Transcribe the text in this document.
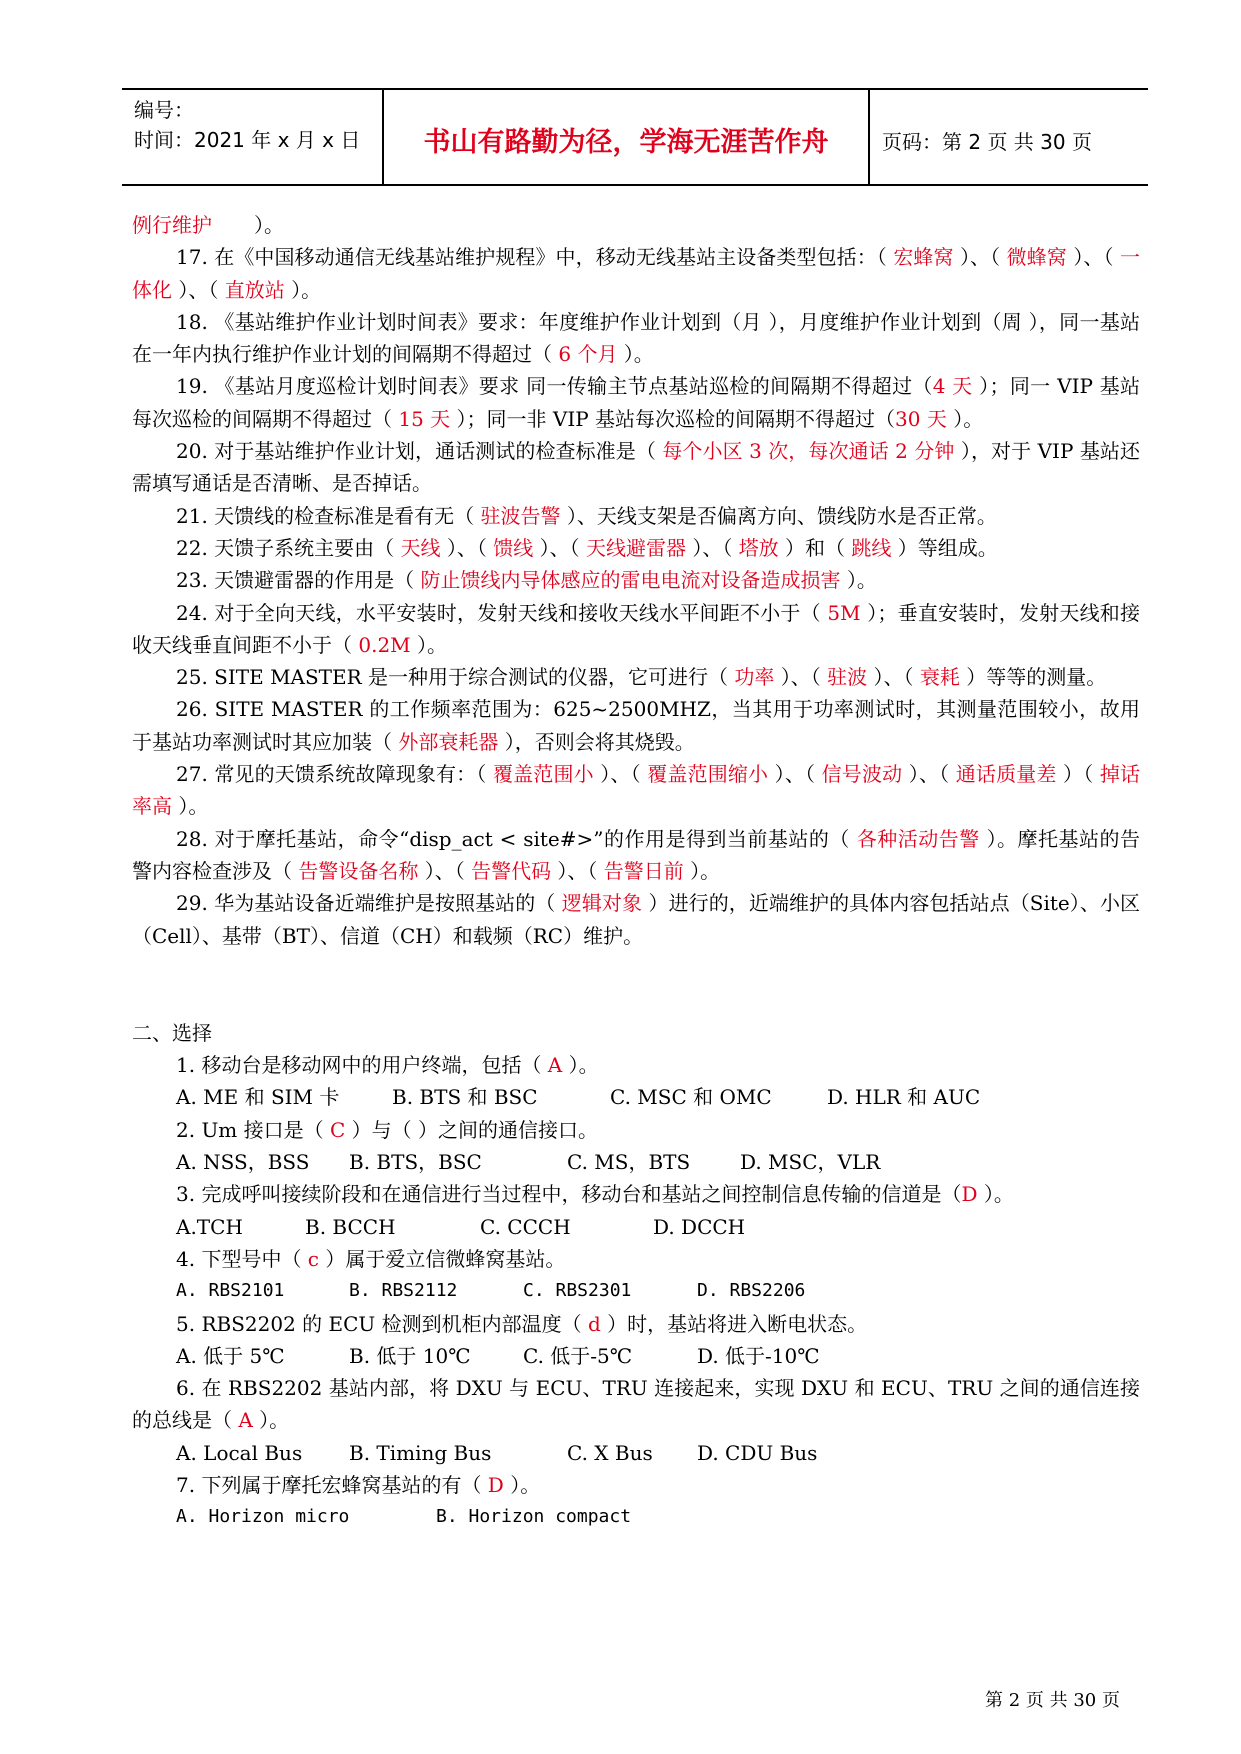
编号：
时间：2021 年 x 月 x 日	书山有路勤为径，学海无涯苦作舟	页码：第 2 页 共 30 页
例行维护 ）。
17. 在《中国移动通信无线基站维护规程》中，移动无线基站主设备类型包括：（ 宏蜂窝 ）、（ 微蜂窝 ）、（ 一体化 ）、（ 直放站 ）。
18. 《基站维护作业计划时间表》要求：年度维护作业计划到（月 ），月度维护作业计划到（周 ），同一基站在一年内执行维护作业计划的间隔期不得超过（ 6 个月 ）。
19. 《基站月度巡检计划时间表》要求 同一传输主节点基站巡检的间隔期不得超过（4 天 ）；同一 VIP 基站每次巡检的间隔期不得超过（ 15 天 ）；同一非 VIP 基站每次巡检的间隔期不得超过（30 天 ）。
20. 对于基站维护作业计划，通话测试的检查标准是（ 每个小区 3 次，每次通话 2 分钟 ），对于 VIP 基站还需填写通话是否清晰、是否掉话。
21. 天馈线的检查标准是看有无（ 驻波告警 ）、天线支架是否偏离方向、馈线防水是否正常。
22. 天馈子系统主要由（ 天线 ）、（ 馈线 ）、（ 天线避雷器 ）、（ 塔放 ）和（ 跳线 ）等组成。
23. 天馈避雷器的作用是（ 防止馈线内导体感应的雷电电流对设备造成损害 ）。
24. 对于全向天线，水平安装时，发射天线和接收天线水平间距不小于（ 5M ）；垂直安装时，发射天线和接收天线垂直间距不小于（ 0.2M ）。
25. SITE MASTER 是一种用于综合测试的仪器，它可进行（ 功率 ）、（ 驻波 ）、（ 衰耗 ）等等的测量。
26. SITE MASTER 的工作频率范围为：625~2500MHZ，当其用于功率测试时，其测量范围较小，故用于基站功率测试时其应加装（ 外部衰耗器 ），否则会将其烧毁。
27. 常见的天馈系统故障现象有：（ 覆盖范围小 ）、（ 覆盖范围缩小 ）、（ 信号波动 ）、（ 通话质量差 ）（ 掉话率高 ）。
28. 对于摩托基站，命令“disp_act < site#>”的作用是得到当前基站的（ 各种活动告警 ）。摩托基站的告警内容检查涉及（ 告警设备名称 ）、（ 告警代码 ）、（ 告警日前 ）。
29. 华为基站设备近端维护是按照基站的（ 逻辑对象 ）进行的，近端维护的具体内容包括站点（Site）、小区（Cell）、基带（BT）、信道（CH）和载频（RC）维护。
二、选择
1. 移动台是移动网中的用户终端，包括（ A ）。
A. ME 和 SIM 卡	B. BTS 和 BSC	C. MSC 和 OMC	D. HLR 和 AUC
2. Um 接口是（ C ）与（ ）之间的通信接口。
A. NSS，BSS B. BTS，BSC	C. MS，BTS D. MSC，VLR
3. 完成呼叫接续阶段和在通信进行当过程中，移动台和基站之间控制信息传输的信道是（D ）。
A.TCH	B. BCCH	C. CCCH	D. DCCH
4. 下型号中（ c ）属于爱立信微蜂窝基站。
A. RBS2101	B. RBS2112	C. RBS2301	D. RBS2206
5. RBS2202 的 ECU 检测到机柜内部温度（ d ）时，基站将进入断电状态。
A. 低于 5℃	B. 低于 10℃	C. 低于-5℃	D. 低于-10℃
6. 在 RBS2202 基站内部，将 DXU 与 ECU、TRU 连接起来，实现 DXU 和 ECU、TRU 之间的通信连接的总线是（ A ）。
A. Local Bus B. Timing Bus	C. X Bus D. CDU Bus
7. 下列属于摩托宏蜂窝基站的有（ D ）。
A. Horizon micro	B. Horizon compact
第 2 页 共 30 页
